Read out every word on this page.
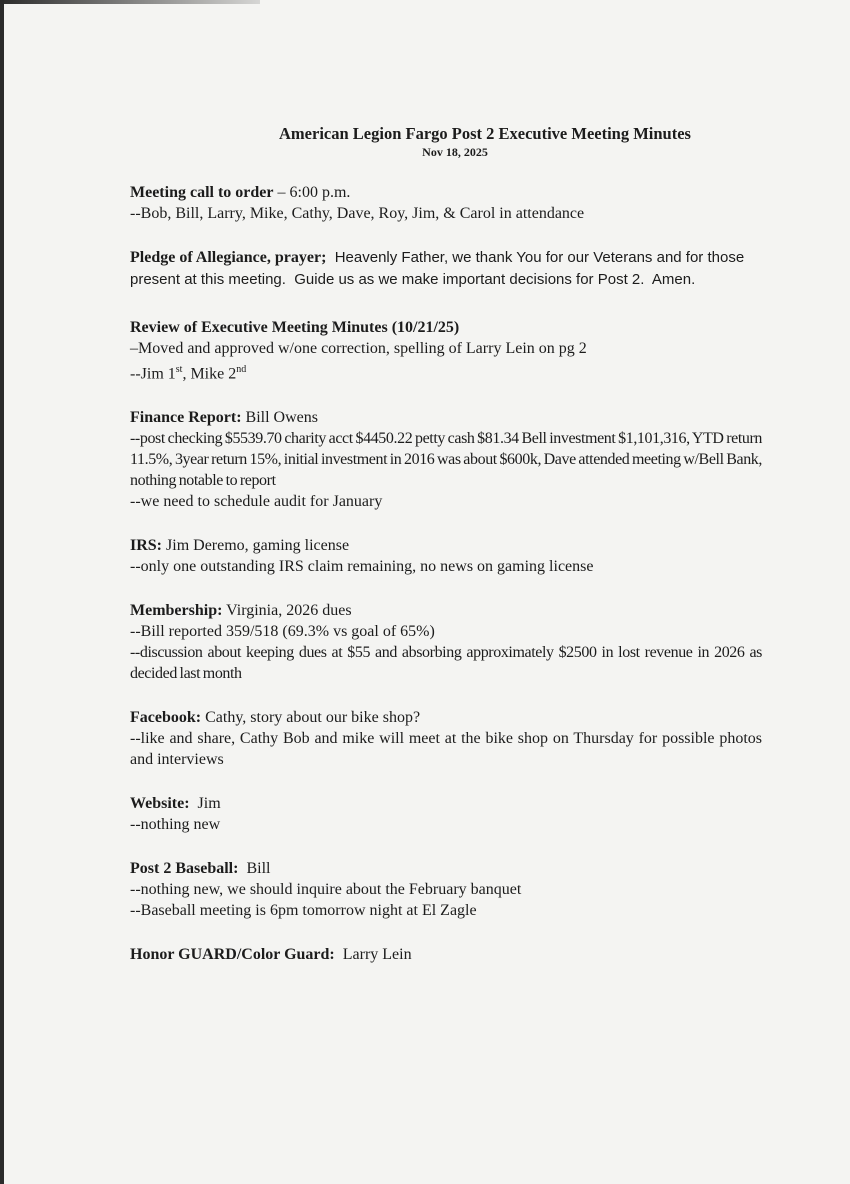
American Legion Fargo Post 2 Executive Meeting Minutes
Nov 18, 2025

Meeting call to order – 6:00 p.m.

--Bob, Bill, Larry, Mike, Cathy, Dave, Roy, Jim, & Carol in attendance

Pledge of Allegiance, prayer;  Heavenly Father, we thank You for our Veterans and for those present at this meeting.  Guide us as we make important decisions for Post 2.  Amen.

Review of Executive Meeting Minutes (10/21/25)

–Moved and approved w/one correction, spelling of Larry Lein on pg 2

--Jim 1st, Mike 2nd

Finance Report: Bill Owens

--post checking $5539.70 charity acct $4450.22 petty cash $81.34 Bell investment $1,101,316, YTD return 11.5%, 3year return 15%, initial investment in 2016 was about $600k, Dave attended meeting w/Bell Bank, nothing notable to report

--we need to schedule audit for January

IRS: Jim Deremo, gaming license

--only one outstanding IRS claim remaining, no news on gaming license

Membership: Virginia, 2026 dues

--Bill reported 359/518 (69.3% vs goal of 65%)

--discussion about keeping dues at $55 and absorbing approximately $2500 in lost revenue in 2026 as decided last month

Facebook: Cathy, story about our bike shop?

--like and share, Cathy Bob and mike will meet at the bike shop on Thursday for possible photos and interviews

Website:  Jim

--nothing new

Post 2 Baseball:  Bill

--nothing new, we should inquire about the February banquet

--Baseball meeting is 6pm tomorrow night at El Zagle

Honor GUARD/Color Guard:  Larry Lein
